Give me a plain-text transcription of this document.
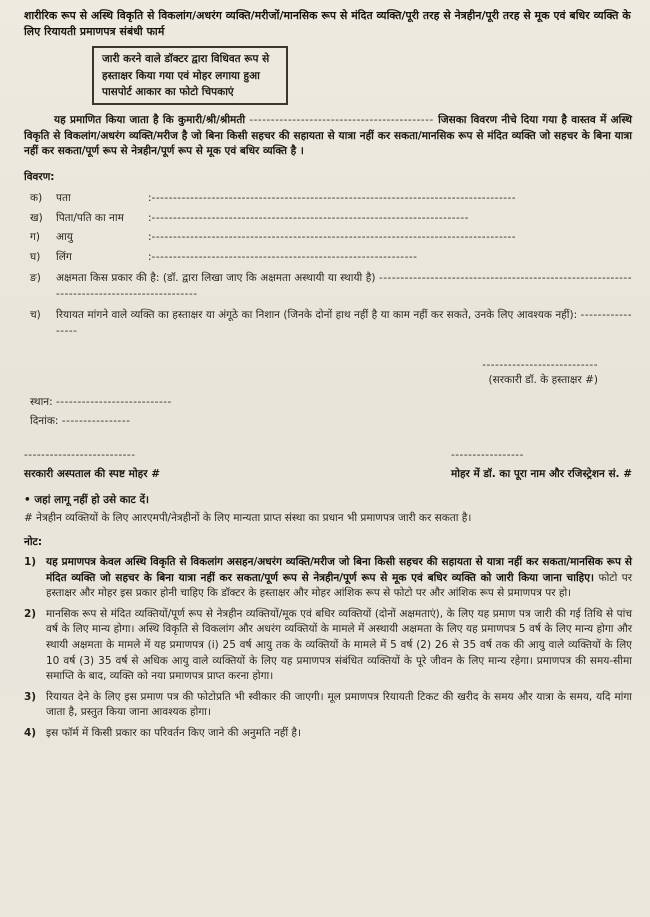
शारीरिक रूप से अस्थि विकृति से विकलांग/अधरंग व्यक्ति/मरीजों/मानसिक रूप से मंदित व्यक्ति/पूरी तरह से नेत्रहीन/पूरी तरह से मूक एवं बधिर व्यक्ति के लिए रियायती प्रमाणपत्र संबंधी फार्म
जारी करने वाले डॉक्टर द्वारा विधिवत रूप से हस्ताक्षर किया गया एवं मोहर लगाया हुआ पासपोर्ट आकार का फोटो चिपकाएं

यह प्रमाणित किया जाता है कि कुमारी/श्री/श्रीमती ------------------------------------------- जिसका विवरण नीचे दिया गया है वास्तव में अस्थि विकृति से विकलांग/अधरंग व्यक्ति/मरीज है जो बिना किसी सहचर की सहायता से यात्रा नहीं कर सकता/मानसिक रूप से मंदित व्यक्ति जो सहचर के बिना यात्रा नहीं कर सकता/पूर्ण रूप से नेत्रहीन/पूर्ण रूप से मूक एवं बधिर व्यक्ति है ।

विवरण:
क)	पता	: -------------------------------------------------------------------------------------
ख)	पिता/पति का नाम	: --------------------------------------------------------------------------
ग)	आयु	: -------------------------------------------------------------------------------------
घ)	लिंग	: --------------------------------------------------------------
ङ)	अक्षमता किस प्रकार की है: (डॉ. द्वारा लिखा जाए कि अक्षमता अस्थायी या स्थायी है) --------------------------------------------------------------------------------------------
च)	रियायत मांगने वाले व्यक्ति का हस्ताक्षर या अंगूठे का निशान (जिनके दोनों हाथ नहीं है या काम नहीं कर सकते, उनके लिए आवश्यक नहीं): -----------------
---------------------------
(सरकारी डॉ. के हस्ताक्षर #)
स्थान: ---------------------------
दिनांक: ----------------
--------------------------
सरकारी अस्पताल की स्पष्ट मोहर #
-----------------
मोहर में डॉ. का पूरा नाम और रजिस्ट्रेशन सं. #
• जहां लागू नहीं हो उसे काट दें।
# नेत्रहीन व्यक्तियों के लिए आरएमपी/नेत्रहीनों के लिए मान्यता प्राप्त संस्था का प्रधान भी प्रमाणपत्र जारी कर सकता है।
नोट:
1) यह प्रमाणपत्र केवल अस्थि विकृति से विकलांग असहन/अधरंग व्यक्ति/मरीज जो बिना किसी सहचर की सहायता से यात्रा नहीं कर सकता/मानसिक रूप से मंदित व्यक्ति जो सहचर के बिना यात्रा नहीं कर सकता/पूर्ण रूप से नेत्रहीन/पूर्ण रूप से मूक एवं बधिर व्यक्ति को जारी किया जाना चाहिए। फोटो पर हस्ताक्षर और मोहर इस प्रकार होनी चाहिए कि डॉक्टर के हस्ताक्षर और मोहर आंशिक रूप से फोटो पर और आंशिक रूप से प्रमाणपत्र पर हो।
2) मानसिक रूप से मंदित व्यक्तियों/पूर्ण रूप से नेत्रहीन व्यक्तियों/मूक एवं बधिर व्यक्तियों (दोनों अक्षमताएं), के लिए यह प्रमाण पत्र जारी की गई तिथि से पांच वर्ष के लिए मान्य होगा। अस्थि विकृति से विकलांग और अधरंग व्यक्तियों के मामले में अस्थायी अक्षमता के लिए यह प्रमाणपत्र 5 वर्ष के लिए मान्य होगा और स्थायी अक्षमता के मामले में यह प्रमाणपत्र (i) 25 वर्ष आयु तक के व्यक्तियों के मामले में 5 वर्ष (2) 26 से 35 वर्ष तक की आयु वाले व्यक्तियों के लिए 10 वर्ष (3) 35 वर्ष से अधिक आयु वाले व्यक्तियों के लिए यह प्रमाणपत्र संबंधित व्यक्तियों के पूरे जीवन के लिए मान्य रहेगा। प्रमाणपत्र की समय-सीमा समाप्ति के बाद, व्यक्ति को नया प्रमाणपत्र प्राप्त करना होगा।
3) रियायत देने के लिए इस प्रमाण पत्र की फोटोप्रति भी स्वीकार की जाएगी। मूल प्रमाणपत्र रियायती टिकट की खरीद के समय और यात्रा के समय, यदि मांगा जाता है, प्रस्तुत किया जाना आवश्यक होगा।
4) इस फॉर्म में किसी प्रकार का परिवर्तन किए जाने की अनुमति नहीं है।
